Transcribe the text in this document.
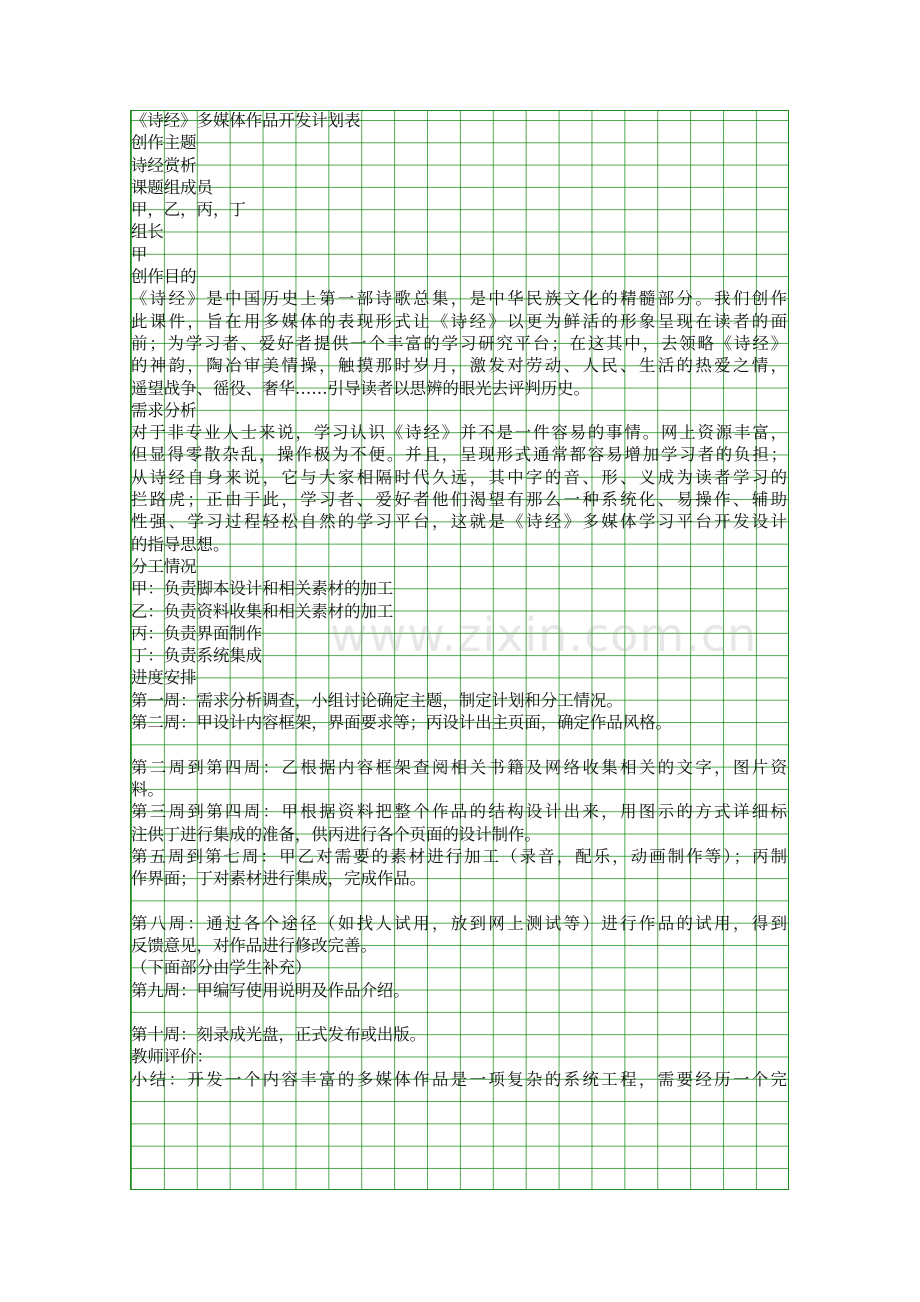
www.zixin.com.cn
《诗经》多媒体作品开发计划表
创作主题
诗经赏析
课题组成员
甲，乙，丙，丁
组长
甲
创作目的
《诗经》是中国历史上第一部诗歌总集，是中华民族文化的精髓部分。我们创作
此课件，旨在用多媒体的表现形式让《诗经》以更为鲜活的形象呈现在读者的面
前；为学习者、爱好者提供一个丰富的学习研究平台；在这其中，去领略《诗经》
的神韵，陶冶审美情操，触摸那时岁月，激发对劳动、人民、生活的热爱之情，
遥望战争、徭役、奢华……引导读者以思辨的眼光去评判历史。
需求分析
对于非专业人士来说，学习认识《诗经》并不是一件容易的事情。网上资源丰富，
但显得零散杂乱，操作极为不便。并且，呈现形式通常都容易增加学习者的负担；
从诗经自身来说，它与大家相隔时代久远，其中字的音、形、义成为读者学习的
拦路虎；正由于此，学习者、爱好者他们渴望有那么一种系统化、易操作、辅助
性强、学习过程轻松自然的学习平台，这就是《诗经》多媒体学习平台开发设计
的指导思想。
分工情况
甲：负责脚本设计和相关素材的加工
乙：负责资料收集和相关素材的加工
丙：负责界面制作
丁：负责系统集成
进度安排
第一周：需求分析调查，小组讨论确定主题，制定计划和分工情况。
第二周：甲设计内容框架，界面要求等；丙设计出主页面，确定作品风格。
第二周到第四周：乙根据内容框架查阅相关书籍及网络收集相关的文字，图片资
料。
第三周到第四周：甲根据资料把整个作品的结构设计出来，用图示的方式详细标
注供丁进行集成的准备，供丙进行各个页面的设计制作。
第五周到第七周：甲乙对需要的素材进行加工（录音，配乐，动画制作等）；丙制
作界面；丁对素材进行集成，完成作品。
第八周：通过各个途径（如找人试用，放到网上测试等）进行作品的试用，得到
反馈意见，对作品进行修改完善。
（下面部分由学生补充）
第九周：甲编写使用说明及作品介绍。
第十周：刻录成光盘，正式发布或出版。
教师评价：
小结：开发一个内容丰富的多媒体作品是一项复杂的系统工程，需要经历一个完
